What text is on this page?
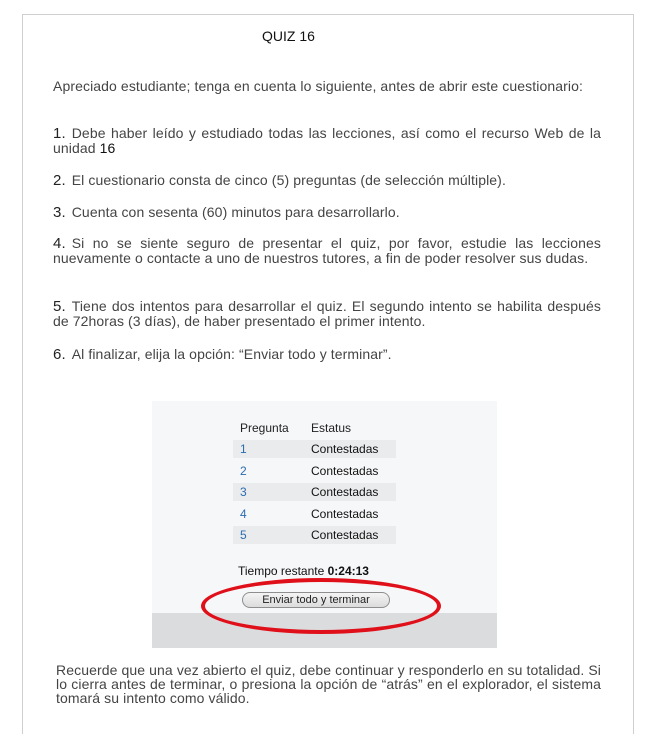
QUIZ 16
Apreciado estudiante; tenga en cuenta lo siguiente, antes de abrir este cuestionario:
1. Debe haber leído y estudiado todas las lecciones, así como el recurso Web de la unidad 16
2. El cuestionario consta de cinco (5) preguntas (de selección múltiple).
3. Cuenta con sesenta (60) minutos para desarrollarlo.
4. Si no se siente seguro de presentar el quiz, por favor, estudie las lecciones nuevamente o contacte a uno de nuestros tutores, a fin de poder resolver sus dudas.
5. Tiene dos intentos para desarrollar el quiz. El segundo intento se habilita después de 72horas (3 días), de haber presentado el primer intento.
6. Al finalizar, elija la opción: “Enviar todo y terminar”.
Pregunta Estatus
1	Contestadas
2	Contestadas
3	Contestadas
4	Contestadas
5	Contestadas
Tiempo restante 0:24:13
Enviar todo y terminar
Recuerde que una vez abierto el quiz, debe continuar y responderlo en su totalidad. Si lo cierra antes de terminar, o presiona la opción de “atrás” en el explorador, el sistema tomará su intento como válido.
